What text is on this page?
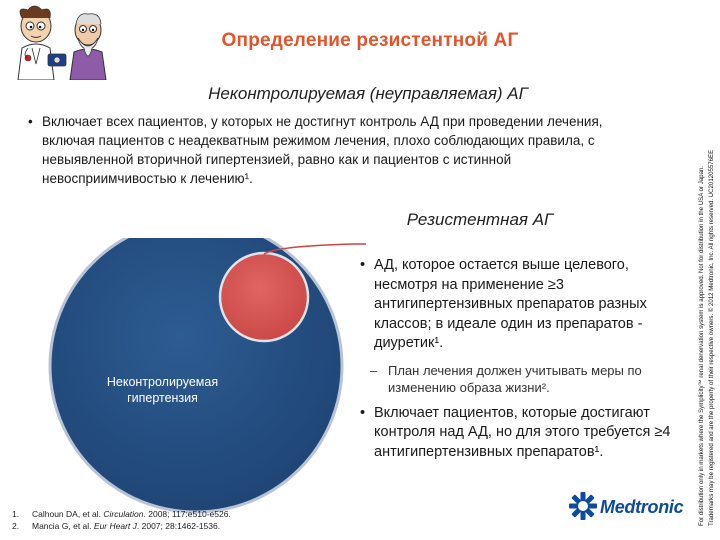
Определение резистентной АГ
Неконтролируемая (неуправляемая) АГ
• Включает всех пациентов, у которых не достигнут контроль АД при проведении лечения, включая пациентов с неадекватным режимом лечения, плохо соблюдающих правила, с невыявленной вторичной гипертензией, равно как и пациентов с истинной невосприимчивостью к лечению¹.
Резистентная АГ
Неконтролируемая гипертензия
• АД, которое остается выше целевого, несмотря на применение ≥3 антигипертензивных препаратов разных классов; в идеале один из препаратов - диуретик¹.
– План лечения должен учитывать меры по изменению образа жизни².
• Включает пациентов, которые достигают контроля над АД, но для этого требуется ≥4 антигипертензивных препаратов¹.
1. Calhoun DA, et al. Circulation. 2008; 117:e510-e526.
2. Mancia G, et al. Eur Heart J. 2007; 28:1462-1536.	For distribution only in markets where the Symplicity™ renal denervation system is approved. Not for distribution in the USA or Japan. Trademarks may be registered and are the property of their respective owners. © 2012 Medtronic, Inc. All rights reserved. UC201205576EE
Medtronic
